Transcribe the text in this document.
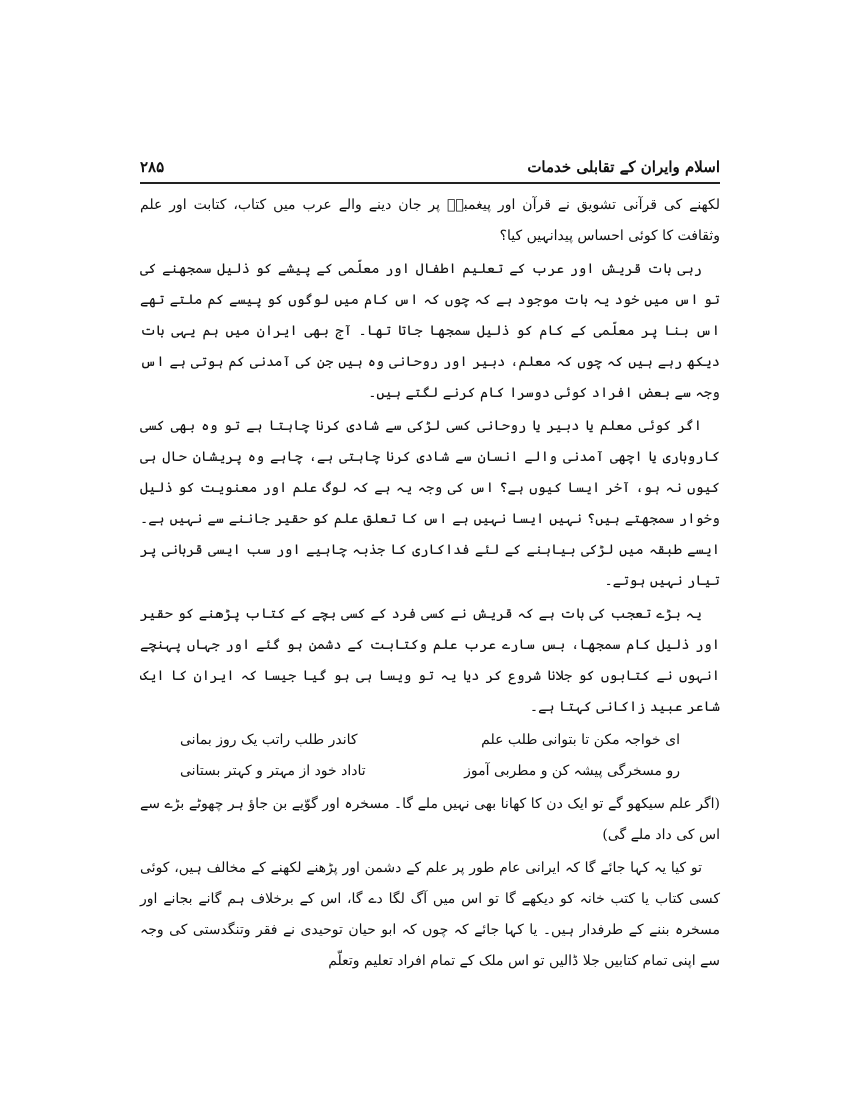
اسلام وایران کے تقابلی خدمات
۲۸۵

لکھنے کی قرآنی تشویق نے قرآن اور پیغمبرؐ پر جان دینے والے عرب میں کتاب، کتابت اور علم وثقافت کا کوئی احساس پیدانہیں کیا؟

رہی بات قریش اور عرب کے تعلیم اطفال اور معلّمی کے پیشے کو ذلیل سمجھنے کی تو اس میں خود یہ بات موجود ہے کہ چوں کہ اس کام میں لوگوں کو پیسے کم ملتے تھے اس بنا پر معلّمی کے کام کو ذلیل سمجھا جاتا تھا۔ آج بھی ایران میں ہم یہی بات دیکھ رہے ہیں کہ چوں کہ معلم، دبیر اور روحانی وہ ہیں جن کی آمدنی کم ہوتی ہے اس وجہ سے بعض افراد کوئی دوسرا کام کرنے لگتے ہیں۔

اگر کوئی معلم یا دبیر یا روحانی کسی لڑکی سے شادی کرنا چاہتا ہے تو وہ بھی کسی کاروباری یا اچھی آمدنی والے انسان سے شادی کرنا چاہتی ہے، چاہے وہ پریشان حال ہی کیوں نہ ہو، آخر ایسا کیوں ہے؟ اس کی وجہ یہ ہے کہ لوگ علم اور معنویت کو ذلیل وخوار سمجھتے ہیں؟ نہیں ایسا نہیں ہے اس کا تعلق علم کو حقیر جاننے سے نہیں ہے۔ ایسے طبقہ میں لڑکی بیاہنے کے لئے فداکاری کا جذبہ چاہیے اور سب ایسی قربانی پر تیار نہیں ہوتے۔

یہ بڑے تعجب کی بات ہے کہ قریش نے کسی فرد کے کسی بچے کے کتاب پڑھنے کو حقیر اور ذلیل کام سمجھا، بس سارے عرب علم وکتابت کے دشمن ہو گئے اور جہاں پہنچے انہوں نے کتابوں کو جلانا شروع کر دیا یہ تو ویسا ہی ہو گیا جیسا کہ ایران کا ایک شاعر عبید زاکانی کہتا ہے۔

ای خواجہ مکن تا بتوانی طلب علم
کاندر طلب راتب یک روز بمانی
رو مسخرگی پیشہ کن و مطربی آموز
تاداد خود از مہتر و کہتر بستانی

(اگر علم سیکھو گے تو ایک دن کا کھانا بھی نہیں ملے گا۔ مسخرہ اور گوّیے بن جاؤ ہر چھوٹے بڑے سے اس کی داد ملے گی)

تو کیا یہ کہا جائے گا کہ ایرانی عام طور پر علم کے دشمن اور پڑھنے لکھنے کے مخالف ہیں، کوئی کسی کتاب یا کتب خانہ کو دیکھے گا تو اس میں آگ لگا دے گا، اس کے برخلاف ہم گانے بجانے اور مسخرہ بننے کے طرفدار ہیں۔ یا کہا جائے کہ چوں کہ ابو حیان توحیدی نے فقر وتنگدستی کی وجہ سے اپنی تمام کتابیں جلا ڈالیں تو اس ملک کے تمام افراد تعلیم وتعلّم
